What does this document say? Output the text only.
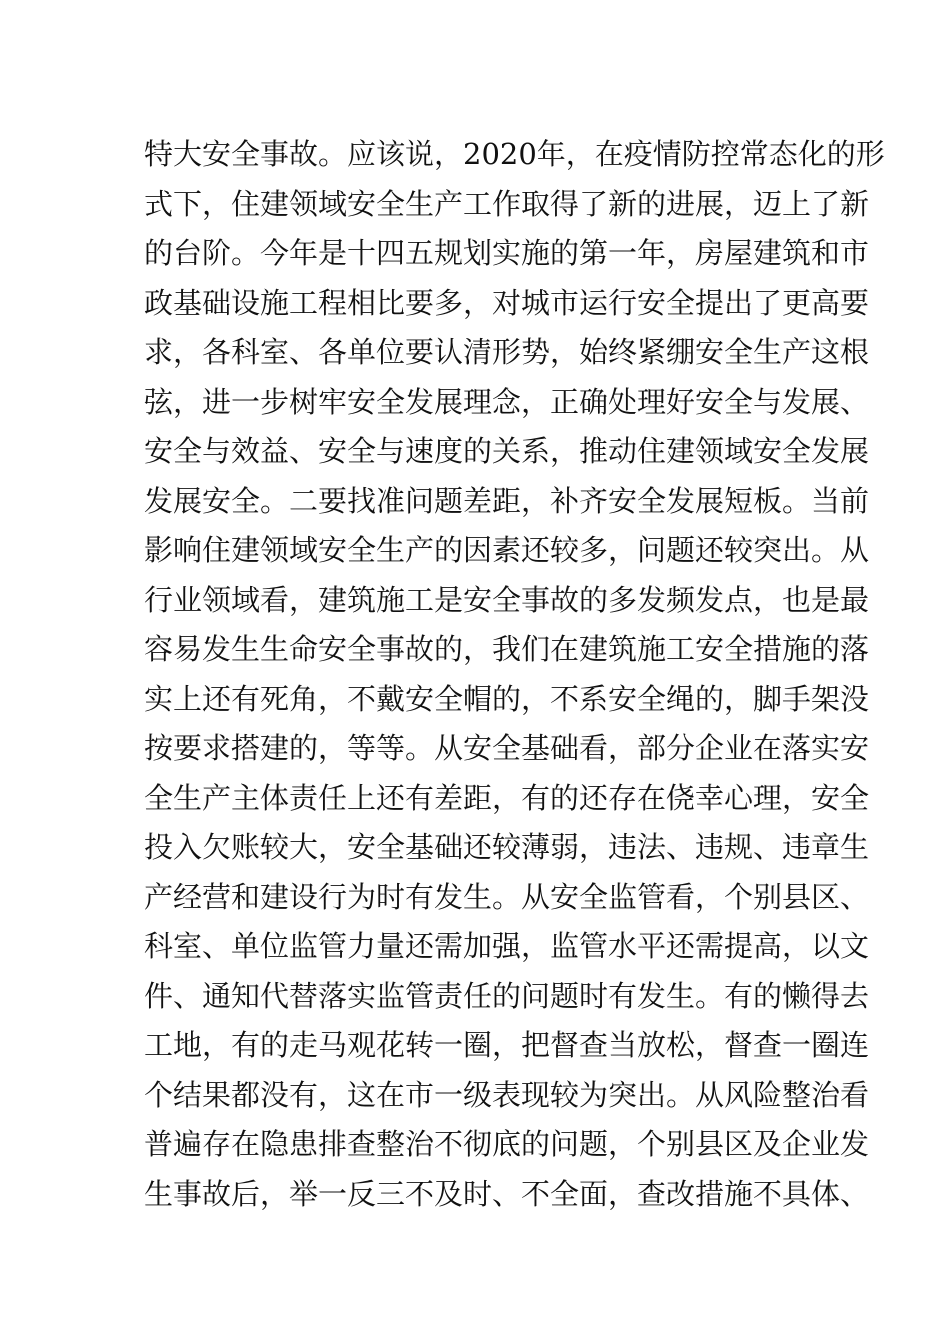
特大安全事故。应该说，2020年，在疫情防控常态化的形
式下，住建领域安全生产工作取得了新的进展，迈上了新
的台阶。今年是十四五规划实施的第一年，房屋建筑和市
政基础设施工程相比要多，对城市运行安全提出了更高要
求，各科室、各单位要认清形势，始终紧绷安全生产这根
弦，进一步树牢安全发展理念，正确处理好安全与发展、
安全与效益、安全与速度的关系，推动住建领域安全发展
发展安全。二要找准问题差距，补齐安全发展短板。当前
影响住建领域安全生产的因素还较多，问题还较突出。从
行业领域看，建筑施工是安全事故的多发频发点，也是最
容易发生生命安全事故的，我们在建筑施工安全措施的落
实上还有死角，不戴安全帽的，不系安全绳的，脚手架没
按要求搭建的，等等。从安全基础看，部分企业在落实安
全生产主体责任上还有差距，有的还存在侥幸心理，安全
投入欠账较大，安全基础还较薄弱，违法、违规、违章生
产经营和建设行为时有发生。从安全监管看，个别县区、
科室、单位监管力量还需加强，监管水平还需提高，以文
件、通知代替落实监管责任的问题时有发生。有的懒得去
工地，有的走马观花转一圈，把督查当放松，督查一圈连
个结果都没有，这在市一级表现较为突出。从风险整治看
普遍存在隐患排查整治不彻底的问题，个别县区及企业发
生事故后，举一反三不及时、不全面，查改措施不具体、
